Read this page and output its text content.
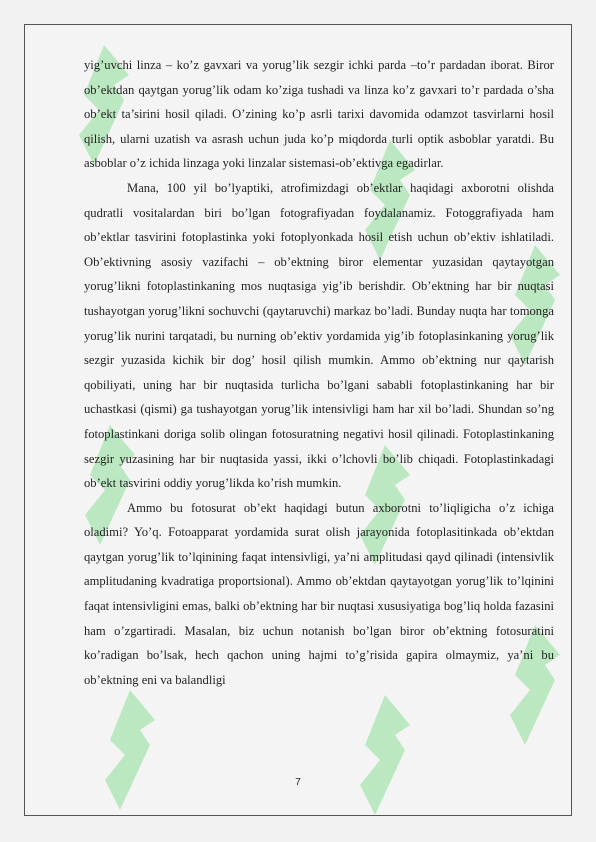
yig’uvchi linza – ko’z gavxari va yorug’lik sezgir ichki parda –to’r pardadan iborat. Biror ob’ektdan qaytgan yorug’lik odam ko’ziga tushadi va linza ko’z gavxari to’r pardada o’sha ob’ekt ta’sirini hosil qiladi. O’zining ko’p asrli tarixi davomida odamzot tasvirlarni hosil qilish, ularni uzatish va asrash uchun juda ko’p miqdorda turli optik asboblar yaratdi. Bu asboblar o’z ichida linzaga yoki linzalar sistemasi-ob’ektivga egadirlar.

Mana, 100 yil bo’lyaptiki, atrofimizdagi ob’ektlar haqidagi axborotni olishda qudratli vositalardan biri bo’lgan fotografiyadan foydalanamiz. Fotoggrafiyada ham ob’ektlar tasvirini fotoplastinka yoki fotoplyonkada hosil etish uchun ob’ektiv ishlatiladi. Ob’ektivning asosiy vazifachi – ob’ektning biror elementar yuzasidan qaytayotgan yorug’likni fotoplastinkaning mos nuqtasiga yig’ib berishdir. Ob’ektning har bir nuqtasi tushayotgan yorug’likni sochuvchi (qaytaruvchi) markaz bo’ladi. Bunday nuqta har tomonga yorug’lik nurini tarqatadi, bu nurning ob’ektiv yordamida yig’ib fotoplasinkaning yorug’lik sezgir yuzasida kichik bir dog’ hosil qilish mumkin. Ammo ob’ektning nur qaytarish qobiliyati, uning har bir nuqtasida turlicha bo’lgani sababli fotoplastinkaning har bir uchastkasi (qismi) ga tushayotgan yorug’lik intensivligi ham har xil bo’ladi. Shundan so’ng fotoplastinkani doriga solib olingan fotosuratning negativi hosil qilinadi. Fotoplastinkaning sezgir yuzasining har bir nuqtasida yassi, ikki o’lchovli bo’lib chiqadi. Fotoplastinkadagi ob’ekt tasvirini oddiy yorug’likda ko’rish mumkin.

Ammo bu fotosurat ob’ekt haqidagi butun axborotni to’liqligicha o’z ichiga oladimi? Yo’q. Fotoapparat yordamida surat olish jarayonida fotoplasitinkada ob’ektdan qaytgan yorug’lik to’lqinining faqat intensivligi, ya’ni amplitudasi qayd qilinadi (intensivlik amplitudaning kvadratiga proportsional). Ammo ob’ektdan qaytayotgan yorug’lik to’lqinini faqat intensivligini emas, balki ob’ektning har bir nuqtasi xususiyatiga bog’liq holda fazasini ham o’zgartiradi. Masalan, biz uchun notanish bo’lgan biror ob’ektning fotosuratini ko’radigan bo’lsak, hech qachon uning hajmi to’g’risida gapira olmaymiz, ya’ni bu ob’ektning eni va balandligi

7
